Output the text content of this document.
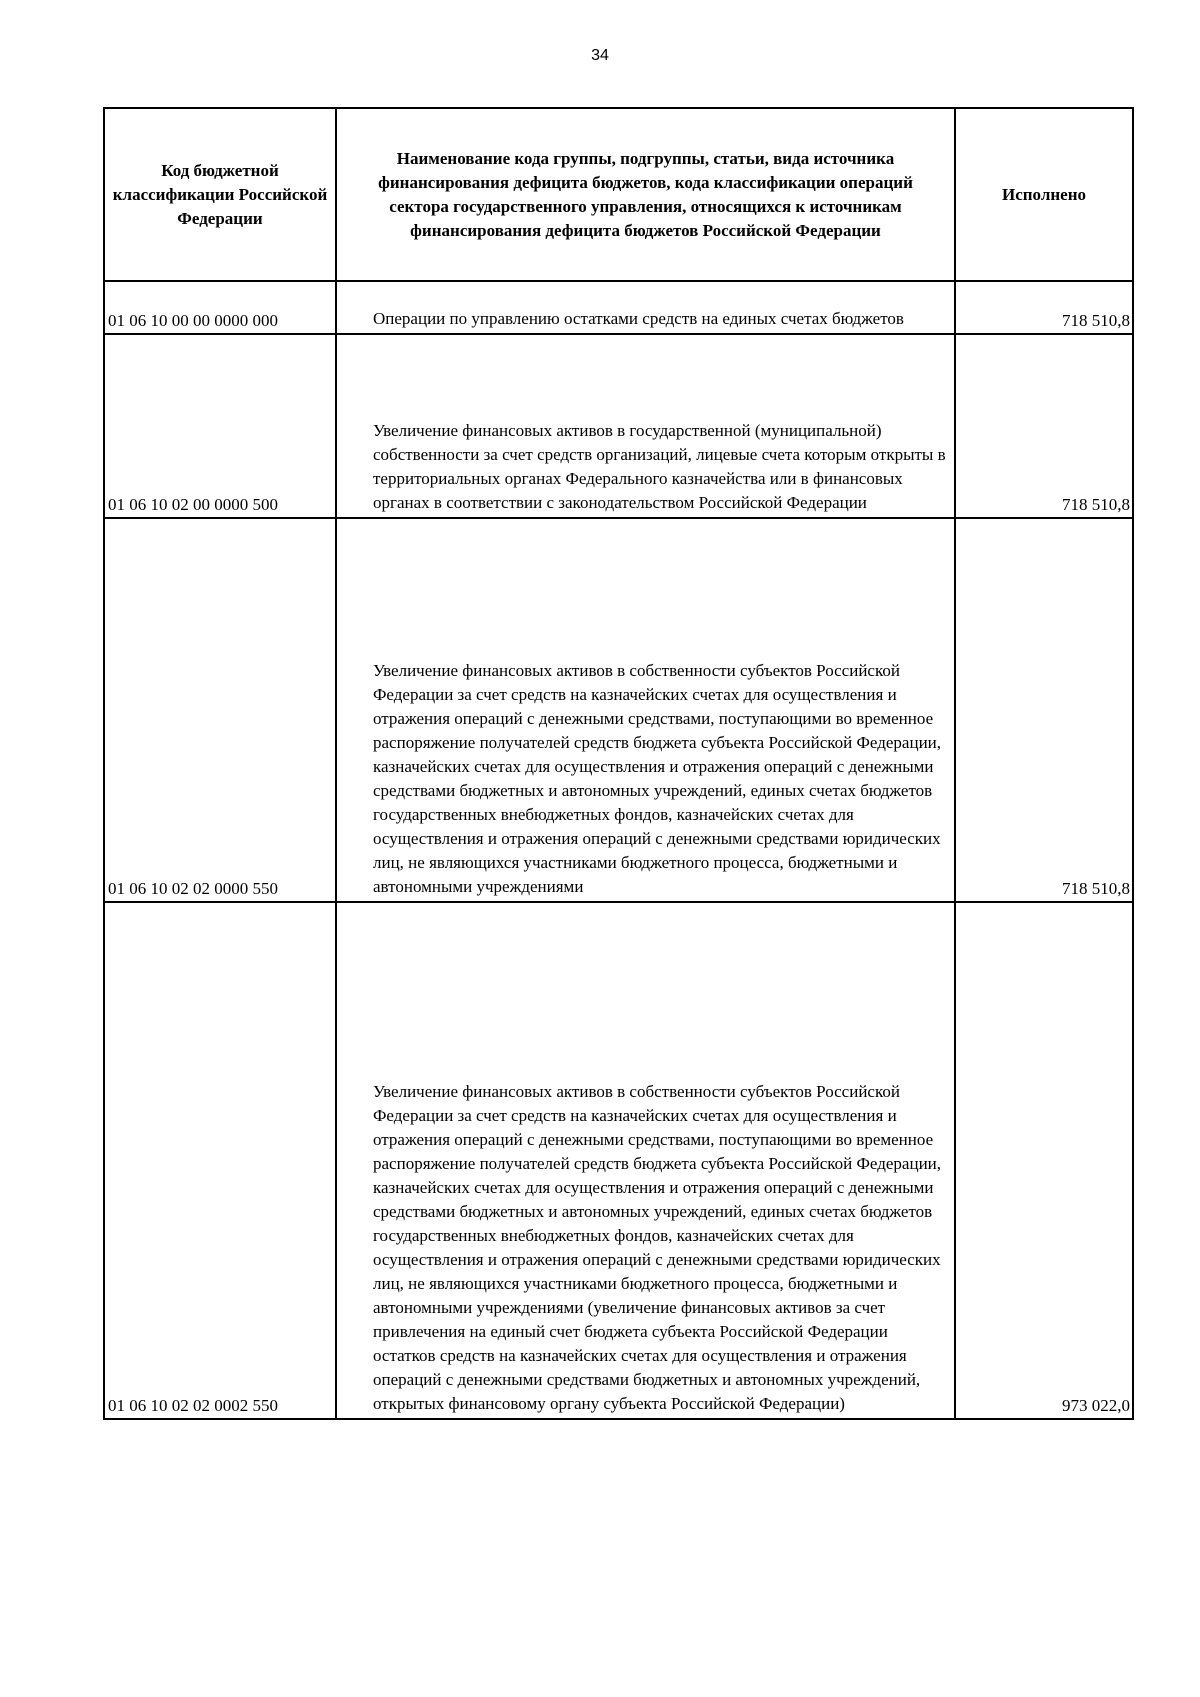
34
Код бюджетной классификации Российской Федерации	Наименование кода группы, подгруппы, статьи, вида источника финансирования дефицита бюджетов, кода классификации операций сектора государственного управления, относящихся к источникам финансирования дефицита бюджетов Российской Федерации	Исполнено
01 06 10 00 00 0000 000	Операции по управлению остатками средств на единых счетах бюджетов	718 510,8
01 06 10 02 00 0000 500	Увеличение финансовых активов в государственной (муниципальной) собственности за счет средств организаций, лицевые счета которым открыты в территориальных органах Федерального казначейства или в финансовых органах в соответствии с законодательством Российской Федерации	718 510,8
01 06 10 02 02 0000 550	Увеличение финансовых активов в собственности субъектов Российской Федерации за счет средств на казначейских счетах для осуществления и отражения операций с денежными средствами, поступающими во временное распоряжение получателей средств бюджета субъекта Российской Федерации, казначейских счетах для осуществления и отражения операций с денежными средствами бюджетных и автономных учреждений, единых счетах бюджетов государственных внебюджетных фондов, казначейских счетах для осуществления и отражения операций с денежными средствами юридических лиц, не являющихся участниками бюджетного процесса, бюджетными и автономными учреждениями	718 510,8
01 06 10 02 02 0002 550	Увеличение финансовых активов в собственности субъектов Российской Федерации за счет средств на казначейских счетах для осуществления и отражения операций с денежными средствами, поступающими во временное распоряжение получателей средств бюджета субъекта Российской Федерации, казначейских счетах для осуществления и отражения операций с денежными средствами бюджетных и автономных учреждений, единых счетах бюджетов государственных внебюджетных фондов, казначейских счетах для осуществления и отражения операций с денежными средствами юридических лиц, не являющихся участниками бюджетного процесса, бюджетными и автономными учреждениями (увеличение финансовых активов за счет привлечения на единый счет бюджета субъекта Российской Федерации остатков средств на казначейских счетах для осуществления и отражения операций с денежными средствами бюджетных и автономных учреждений, открытых финансовому органу субъекта Российской Федерации)	973 022,0
